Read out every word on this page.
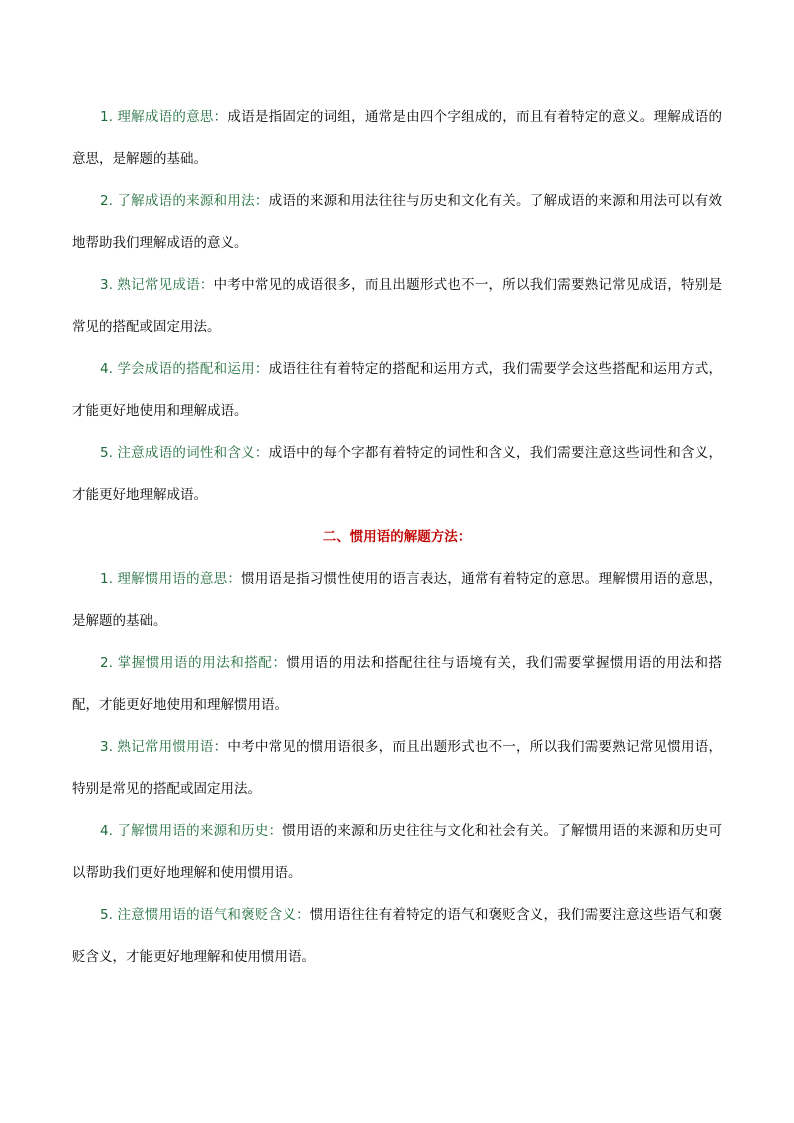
1. 理解成语的意思：成语是指固定的词组，通常是由四个字组成的，而且有着特定的意义。理解成语的意思，是解题的基础。

2. 了解成语的来源和用法：成语的来源和用法往往与历史和文化有关。了解成语的来源和用法可以有效地帮助我们理解成语的意义。

3. 熟记常见成语：中考中常见的成语很多，而且出题形式也不一，所以我们需要熟记常见成语，特别是常见的搭配或固定用法。

4. 学会成语的搭配和运用：成语往往有着特定的搭配和运用方式，我们需要学会这些搭配和运用方式，才能更好地使用和理解成语。

5. 注意成语的词性和含义：成语中的每个字都有着特定的词性和含义，我们需要注意这些词性和含义，才能更好地理解成语。

二、惯用语的解题方法：

1. 理解惯用语的意思：惯用语是指习惯性使用的语言表达，通常有着特定的意思。理解惯用语的意思，是解题的基础。

2. 掌握惯用语的用法和搭配：惯用语的用法和搭配往往与语境有关，我们需要掌握惯用语的用法和搭配，才能更好地使用和理解惯用语。

3. 熟记常用惯用语：中考中常见的惯用语很多，而且出题形式也不一，所以我们需要熟记常见惯用语，特别是常见的搭配或固定用法。

4. 了解惯用语的来源和历史：惯用语的来源和历史往往与文化和社会有关。了解惯用语的来源和历史可以帮助我们更好地理解和使用惯用语。

5. 注意惯用语的语气和褒贬含义：惯用语往往有着特定的语气和褒贬含义，我们需要注意这些语气和褒贬含义，才能更好地理解和使用惯用语。
